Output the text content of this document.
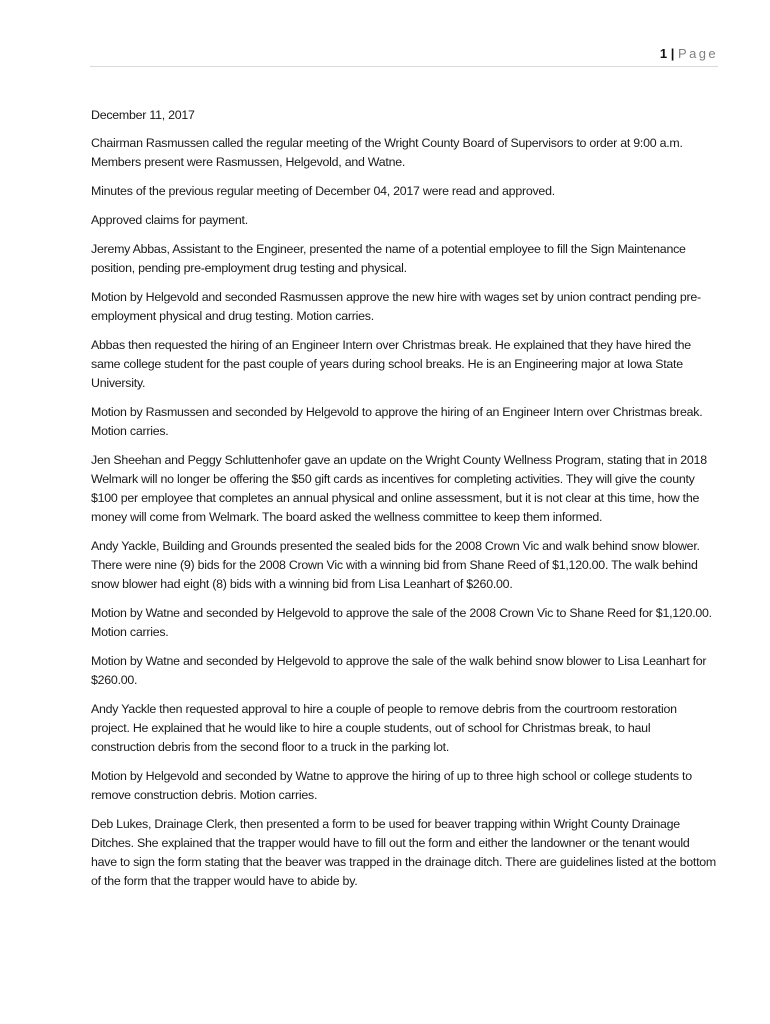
1 | Page

December 11, 2017

Chairman Rasmussen called the regular meeting of the Wright County Board of Supervisors to order at 9:00 a.m. Members present were Rasmussen, Helgevold, and Watne.

Minutes of the previous regular meeting of December 04, 2017 were read and approved.

Approved claims for payment.

Jeremy Abbas, Assistant to the Engineer, presented the name of a potential employee to fill the Sign Maintenance position, pending pre-employment drug testing and physical.

Motion by Helgevold and seconded Rasmussen approve the new hire with wages set by union contract pending pre-employment physical and drug testing. Motion carries.

Abbas then requested the hiring of an Engineer Intern over Christmas break. He explained that they have hired the same college student for the past couple of years during school breaks. He is an Engineering major at Iowa State University.

Motion by Rasmussen and seconded by Helgevold to approve the hiring of an Engineer Intern over Christmas break. Motion carries.

Jen Sheehan and Peggy Schluttenhofer gave an update on the Wright County Wellness Program, stating that in 2018 Welmark will no longer be offering the $50 gift cards as incentives for completing activities. They will give the county $100 per employee that completes an annual physical and online assessment, but it is not clear at this time, how the money will come from Welmark. The board asked the wellness committee to keep them informed.

Andy Yackle, Building and Grounds presented the sealed bids for the 2008 Crown Vic and walk behind snow blower. There were nine (9) bids for the 2008 Crown Vic with a winning bid from Shane Reed of $1,120.00. The walk behind snow blower had eight (8) bids with a winning bid from Lisa Leanhart of $260.00.

Motion by Watne and seconded by Helgevold to approve the sale of the 2008 Crown Vic to Shane Reed for $1,120.00. Motion carries.

Motion by Watne and seconded by Helgevold to approve the sale of the walk behind snow blower to Lisa Leanhart for $260.00.

Andy Yackle then requested approval to hire a couple of people to remove debris from the courtroom restoration project. He explained that he would like to hire a couple students, out of school for Christmas break, to haul construction debris from the second floor to a truck in the parking lot.

Motion by Helgevold and seconded by Watne to approve the hiring of up to three high school or college students to remove construction debris. Motion carries.

Deb Lukes, Drainage Clerk, then presented a form to be used for beaver trapping within Wright County Drainage Ditches. She explained that the trapper would have to fill out the form and either the landowner or the tenant would have to sign the form stating that the beaver was trapped in the drainage ditch. There are guidelines listed at the bottom of the form that the trapper would have to abide by.
